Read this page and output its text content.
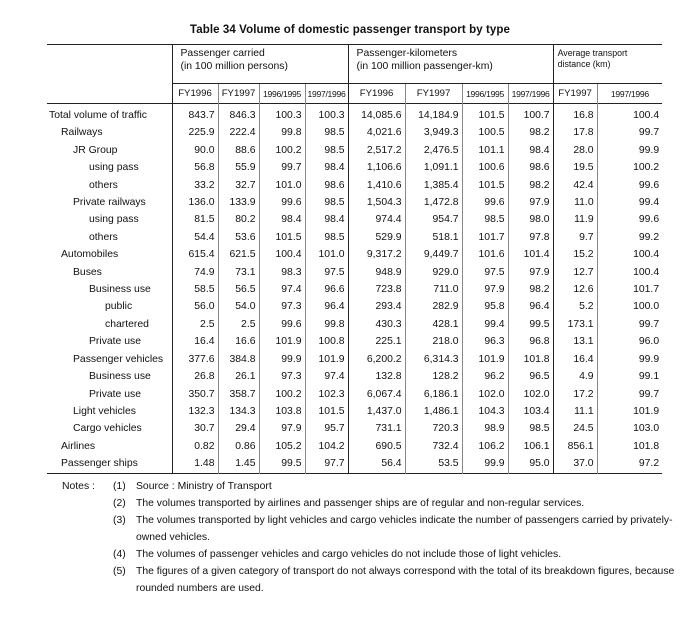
Table 34 Volume of domestic passenger transport by type
	Passenger carried
(in 100 million persons)				Passenger-kilometers
(in 100 million passenger-km)				Average transport
distance (km)	
	FY1996	FY1997	1996/1995	1997/1996	FY1996	FY1997	1996/1995	1997/1996	FY1997	1997/1996
Total volume of traffic	843.7	846.3	100.3	100.3	14,085.6	14,184.9	101.5	100.7	16.8	100.4
Railways	225.9	222.4	99.8	98.5	4,021.6	3,949.3	100.5	98.2	17.8	99.7
JR Group	90.0	88.6	100.2	98.5	2,517.2	2,476.5	101.1	98.4	28.0	99.9
using pass	56.8	55.9	99.7	98.4	1,106.6	1,091.1	100.6	98.6	19.5	100.2
others	33.2	32.7	101.0	98.6	1,410.6	1,385.4	101.5	98.2	42.4	99.6
Private railways	136.0	133.9	99.6	98.5	1,504.3	1,472.8	99.6	97.9	11.0	99.4
using pass	81.5	80.2	98.4	98.4	974.4	954.7	98.5	98.0	11.9	99.6
others	54.4	53.6	101.5	98.5	529.9	518.1	101.7	97.8	9.7	99.2
Automobiles	615.4	621.5	100.4	101.0	9,317.2	9,449.7	101.6	101.4	15.2	100.4
Buses	74.9	73.1	98.3	97.5	948.9	929.0	97.5	97.9	12.7	100.4
Business use	58.5	56.5	97.4	96.6	723.8	711.0	97.9	98.2	12.6	101.7
public	56.0	54.0	97.3	96.4	293.4	282.9	95.8	96.4	5.2	100.0
chartered	2.5	2.5	99.6	99.8	430.3	428.1	99.4	99.5	173.1	99.7
Private use	16.4	16.6	101.9	100.8	225.1	218.0	96.3	96.8	13.1	96.0
Passenger vehicles	377.6	384.8	99.9	101.9	6,200.2	6,314.3	101.9	101.8	16.4	99.9
Business use	26.8	26.1	97.3	97.4	132.8	128.2	96.2	96.5	4.9	99.1
Private use	350.7	358.7	100.2	102.3	6,067.4	6,186.1	102.0	102.0	17.2	99.7
Light vehicles	132.3	134.3	103.8	101.5	1,437.0	1,486.1	104.3	103.4	11.1	101.9
Cargo vehicles	30.7	29.4	97.9	95.7	731.1	720.3	98.9	98.5	24.5	103.0
Airlines	0.82	0.86	105.2	104.2	690.5	732.4	106.2	106.1	856.1	101.8
Passenger ships	1.48	1.45	99.5	97.7	56.4	53.5	99.9	95.0	37.0	97.2
Notes :	(1) Source : Ministry of Transport
(2) The volumes transported by airlines and passenger ships are of regular and non-regular services.
(3) The volumes transported by light vehicles and cargo vehicles indicate the number of passengers carried by privately-owned vehicles.
(4) The volumes of passenger vehicles and cargo vehicles do not include those of light vehicles.
(5) The figures of a given category of transport do not always correspond with the total of its breakdown figures, because rounded numbers are used.
